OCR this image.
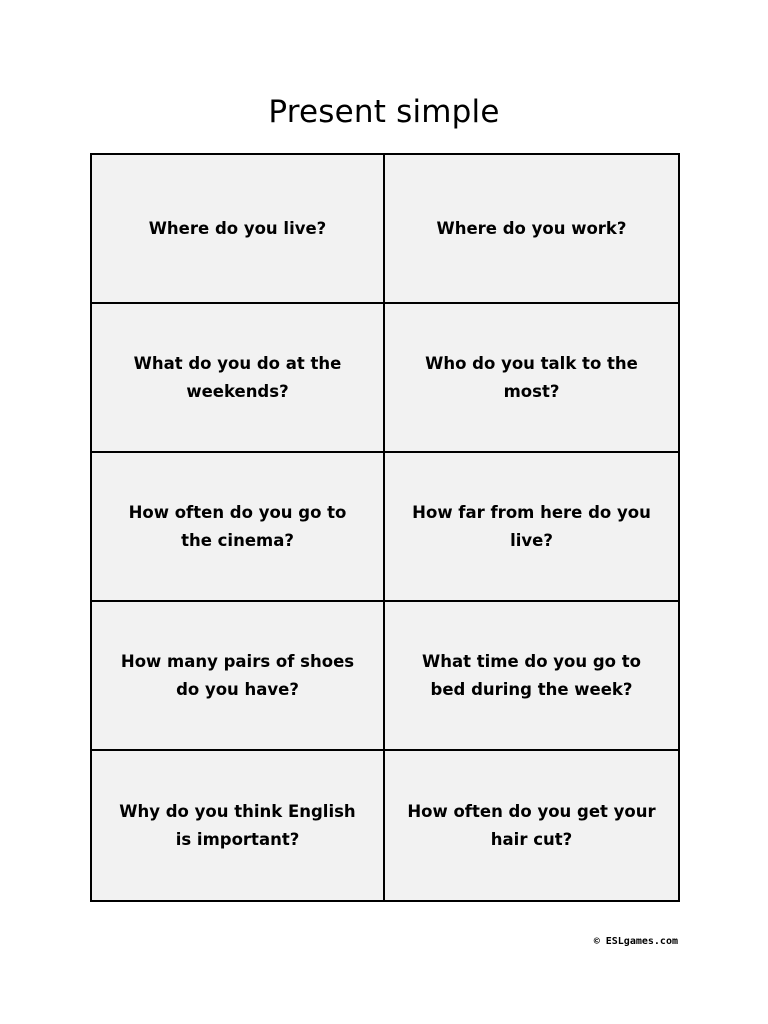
Present simple
Where do you live?	Where do you work?
What do you do at the weekends?
Who do you talk to the most?
How often do you go to the cinema?
How far from here do you live?
How many pairs of shoes do you have?
What time do you go to bed during the week?
Why do you think English is important?
How often do you get your hair cut?
© ESLgames.com
